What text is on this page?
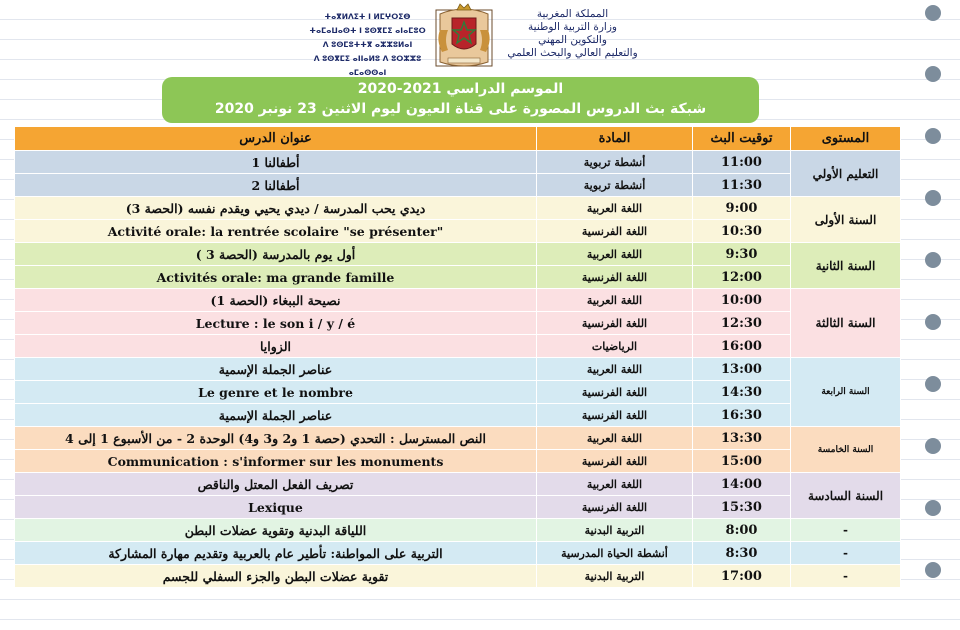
ⵜⴰⴳⵍⴷⵉⵜ ⵏ ⵍⵎⵖⵔⵉⴱ
ⵜⴰⵎⴰⵡⴰⵙⵜ ⵏ ⵓⵙⴳⵎⵉ ⴰⵏⴰⵎⵓⵔ
ⴷ ⵓⵙⵎⵓⵜⵜⴳ ⴰⵣⵣⵓⵍⴰⵏ
ⴷ ⵓⵙⴳⵎⵉ ⴰⵏⵏⴰⵍⵓ ⴷ ⵓⵔⵣⵣⵓ ⴰⵎⴰⵙⵙⴰⵏ
المملكة المغربية
وزارة التربية الوطنية
والتكوين المهني
والتعليم العالي والبحث العلمي
الموسم الدراسي 2021-2020
شبكة بث الدروس المصورة على قناة العيون ليوم الاثنين 23 نونبر 2020
المستوى	توقيت البث	المادة	عنوان الدرس
التعليم الأولي	11:00	أنشطة تربوية	أطفالنا 1
	11:30	أنشطة تربوية	أطفالنا 2
السنة الأولى	9:00	اللغة العربية	ديدي يحب المدرسة / ديدي يحيي ويقدم نفسه (الحصة 3)
	10:30	اللغة الفرنسية	Activité orale: la rentrée scolaire "se présenter"
السنة الثانية	9:30	اللغة العربية	أول يوم بالمدرسة (الحصة 3 )
	12:00	اللغة الفرنسية	Activités orale: ma grande famille
السنة الثالثة	10:00	اللغة العربية	نصيحة الببغاء (الحصة 1)
	12:30	اللغة الفرنسية	Lecture : le son i / y / é
	16:00	الرياضيات	الزوايا
السنة الرابعة	13:00	اللغة العربية	عناصر الجملة الإسمية
	14:30	اللغة الفرنسية	Le genre et le nombre
	16:30	اللغة الفرنسية	عناصر الجملة الإسمية
السنة الخامسة	13:30	اللغة العربية	النص المسترسل : التحدي (حصة 1 و2 و3 و4) الوحدة 2 - من الأسبوع 1 إلى 4
	15:00	اللغة الفرنسية	Communication : s'informer sur les monuments
السنة السادسة	14:00	اللغة العربية	تصريف الفعل المعتل والناقص
	15:30	اللغة الفرنسية	Lexique
-	8:00	التربية البدنية	اللياقة البدنية وتقوية عضلات البطن
-	8:30	أنشطة الحياة المدرسية	التربية على المواطنة: تأطير عام بالعربية وتقديم مهارة المشاركة
-	17:00	التربية البدنية	تقوية عضلات البطن والجزء السفلي للجسم
